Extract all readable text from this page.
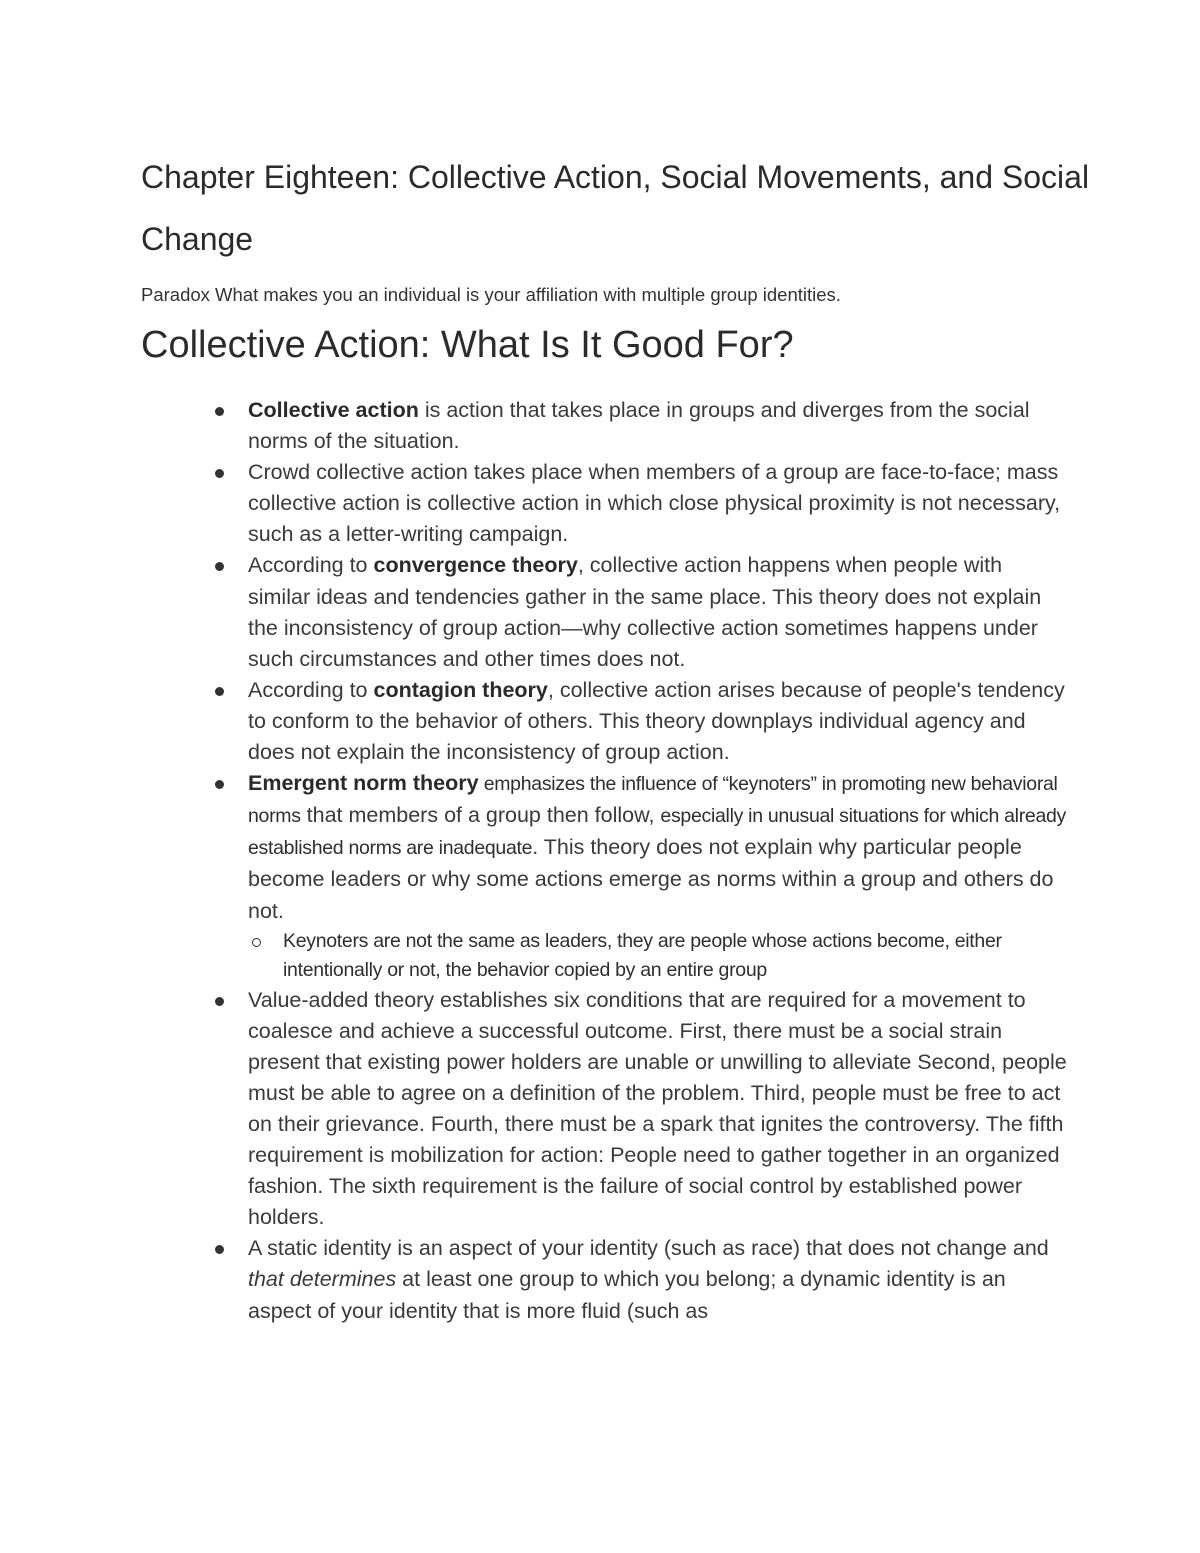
Chapter Eighteen: Collective Action, Social Movements, and Social Change

Paradox What makes you an individual is your affiliation with multiple group identities.

Collective Action: What Is It Good For?
Collective action is action that takes place in groups and diverges from the social norms of the situation.
Crowd collective action takes place when members of a group are face-to-face; mass collective action is collective action in which close physical proximity is not necessary, such as a letter-writing campaign.
According to convergence theory, collective action happens when people with similar ideas and tendencies gather in the same place. This theory does not explain the inconsistency of group action—why collective action sometimes happens under such circumstances and other times does not.
According to contagion theory, collective action arises because of people's tendency to conform to the behavior of others. This theory downplays individual agency and does not explain the inconsistency of group action.
Emergent norm theory emphasizes the influence of “keynoters” in promoting new behavioral norms that members of a group then follow, especially in unusual situations for which already established norms are inadequate. This theory does not explain why particular people become leaders or why some actions emerge as norms within a group and others do not.
Keynoters are not the same as leaders, they are people whose actions become, either intentionally or not, the behavior copied by an entire group
Value-added theory establishes six conditions that are required for a movement to coalesce and achieve a successful outcome. First, there must be a social strain present that existing power holders are unable or unwilling to alleviate Second, people must be able to agree on a definition of the problem. Third, people must be free to act on their grievance. Fourth, there must be a spark that ignites the controversy. The fifth requirement is mobilization for action: People need to gather together in an organized fashion. The sixth requirement is the failure of social control by established power holders.
A static identity is an aspect of your identity (such as race) that does not change and that determines at least one group to which you belong; a dynamic identity is an aspect of your identity that is more fluid (such as
